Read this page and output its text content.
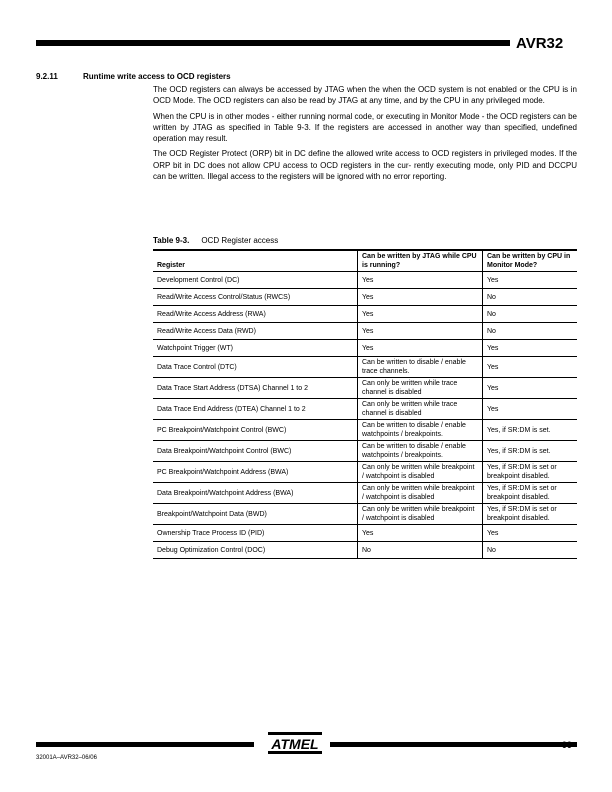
AVR32
9.2.11	Runtime write access to OCD registers

The OCD registers can always be accessed by JTAG when the when the OCD system is not enabled or the CPU is in OCD Mode. The OCD registers can also be read by JTAG at any time, and by the CPU in any privileged mode.

When the CPU is in other modes - either running normal code, or executing in Monitor Mode - the OCD registers can be written by JTAG as specified in Table 9-3. If the registers are accessed in another way than specified, undefined operation may result.

The OCD Register Protect (ORP) bit in DC define the allowed write access to OCD registers in privileged modes. If the ORP bit in DC does not allow CPU access to OCD registers in the cur- rently executing mode, only PID and DCCPU can be written. Illegal access to the registers will be ignored with no error reporting.

Table 9-3. OCD Register access
Register	Can be written by JTAG while CPU is running?	Can be written by CPU in Monitor Mode?
Development Control (DC)	Yes	Yes
Read/Write Access Control/Status (RWCS)	Yes	No
Read/Write Access Address (RWA)	Yes	No
Read/Write Access Data (RWD)	Yes	No
Watchpoint Trigger (WT)	Yes	Yes
Data Trace Control (DTC)	Can be written to disable / enable trace channels.	Yes
Data Trace Start Address (DTSA) Channel 1 to 2	Can only be written while trace channel is disabled	Yes
Data Trace End Address (DTEA) Channel 1 to 2	Can only be written while trace channel is disabled	Yes
PC Breakpoint/Watchpoint Control (BWC)	Can be written to disable / enable watchpoints / breakpoints.	Yes, if SR:DM is set.
Data Breakpoint/Watchpoint Control (BWC)	Can be written to disable / enable watchpoints / breakpoints.	Yes, if SR:DM is set.
PC Breakpoint/Watchpoint Address (BWA)	Can only be written while breakpoint / watchpoint is disabled	Yes, if SR:DM is set or breakpoint disabled.
Data Breakpoint/Watchpoint Address (BWA)	Can only be written while breakpoint / watchpoint is disabled	Yes, if SR:DM is set or breakpoint disabled.
Breakpoint/Watchpoint Data (BWD)	Can only be written while breakpoint / watchpoint is disabled	Yes, if SR:DM is set or breakpoint disabled.
Ownership Trace Process ID (PID)	Yes	Yes
Debug Optimization Control (DOC)	No	No
ATMEL	99
32001A–AVR32–06/06
